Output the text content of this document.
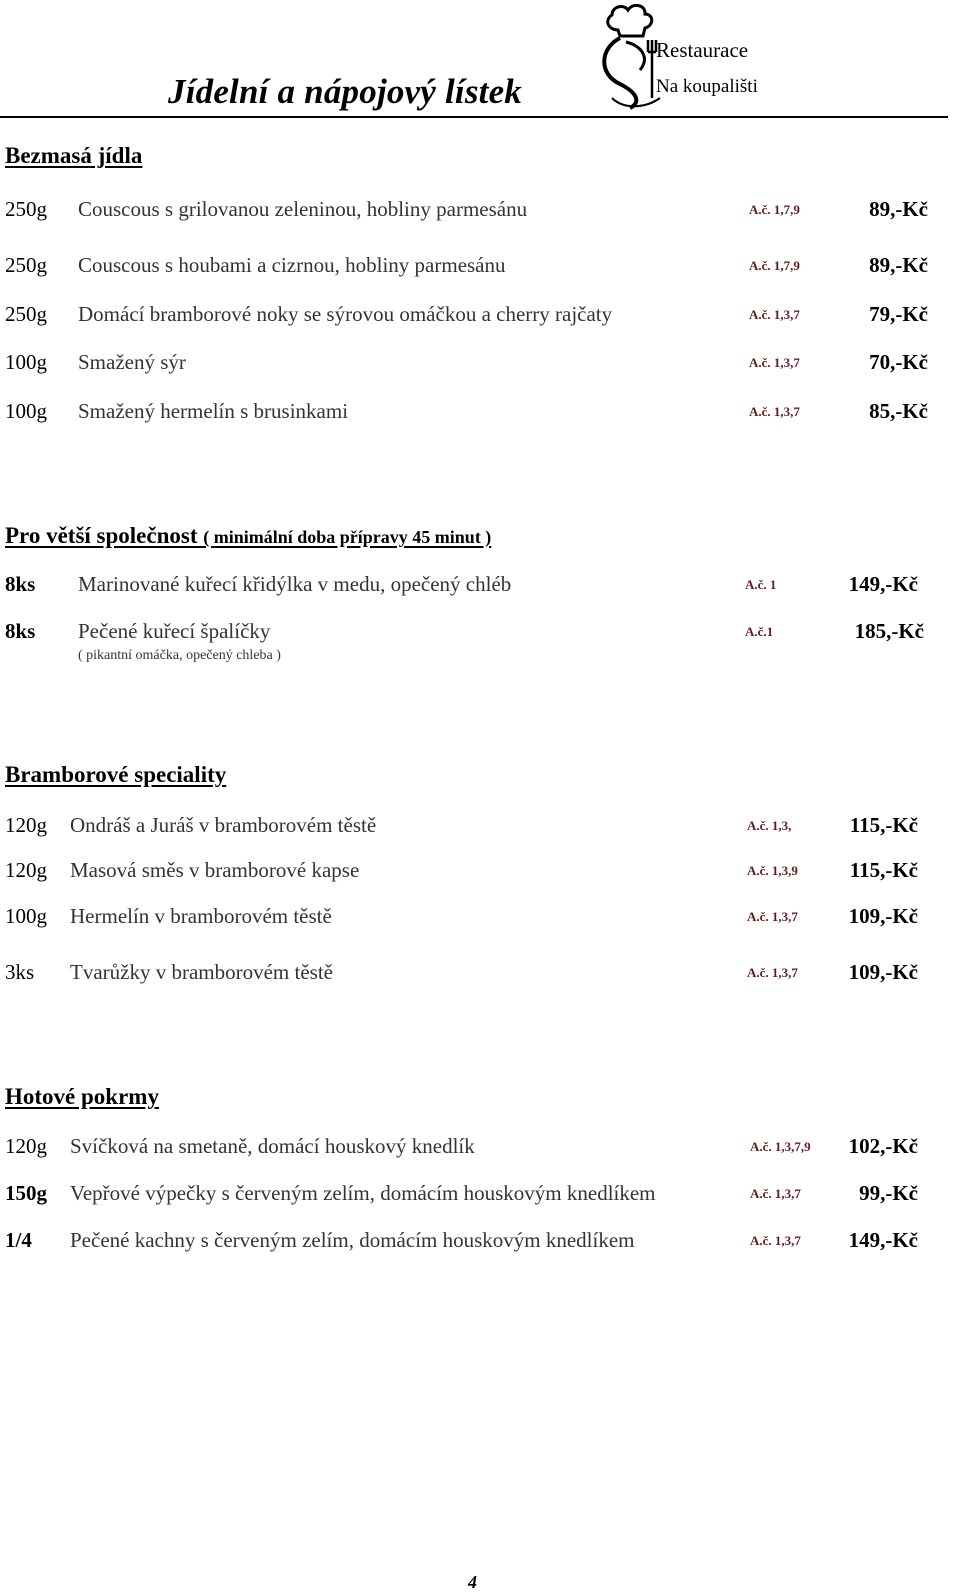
Jídelní a nápojový lístek
Restaurace
Na koupališti
Bezmasá jídla
250g Couscous s grilovanou zeleninou, hobliny parmesánu	A.č. 1,7,9	89,-Kč
250g Couscous s houbami a cizrnou, hobliny parmesánu	A.č. 1,7,9	89,-Kč
250g Domácí bramborové noky se sýrovou omáčkou a cherry rajčaty	A.č. 1,3,7	79,-Kč
100g Smažený sýr	A.č. 1,3,7	70,-Kč
100g Smažený hermelín s brusinkami	A.č. 1,3,7	85,-Kč
Pro větší společnost ( minimální doba přípravy 45 minut )
8ks Marinované kuřecí křidýlka v medu, opečený chléb	A.č. 1	149,-Kč
8ks Pečené kuřecí špalíčky	A.č.1	185,-Kč
( pikantní omáčka, opečený chleba )
Bramborové speciality
120g Ondráš a Juráš v bramborovém těstě	A.č. 1,3,	115,-Kč
120g Masová směs v bramborové kapse	A.č. 1,3,9	115,-Kč
100g Hermelín v bramborovém těstě	A.č. 1,3,7	109,-Kč
3ks Tvarůžky v bramborovém těstě	A.č. 1,3,7	109,-Kč
Hotové pokrmy
120g Svíčková na smetaně, domácí houskový knedlík	A.č. 1,3,7,9	102,-Kč
150g Vepřové výpečky s červeným zelím, domácím houskovým knedlíkem	A.č. 1,3,7	99,-Kč
1/4 Pečené kachny s červeným zelím, domácím houskovým knedlíkem	A.č. 1,3,7	149,-Kč
4
